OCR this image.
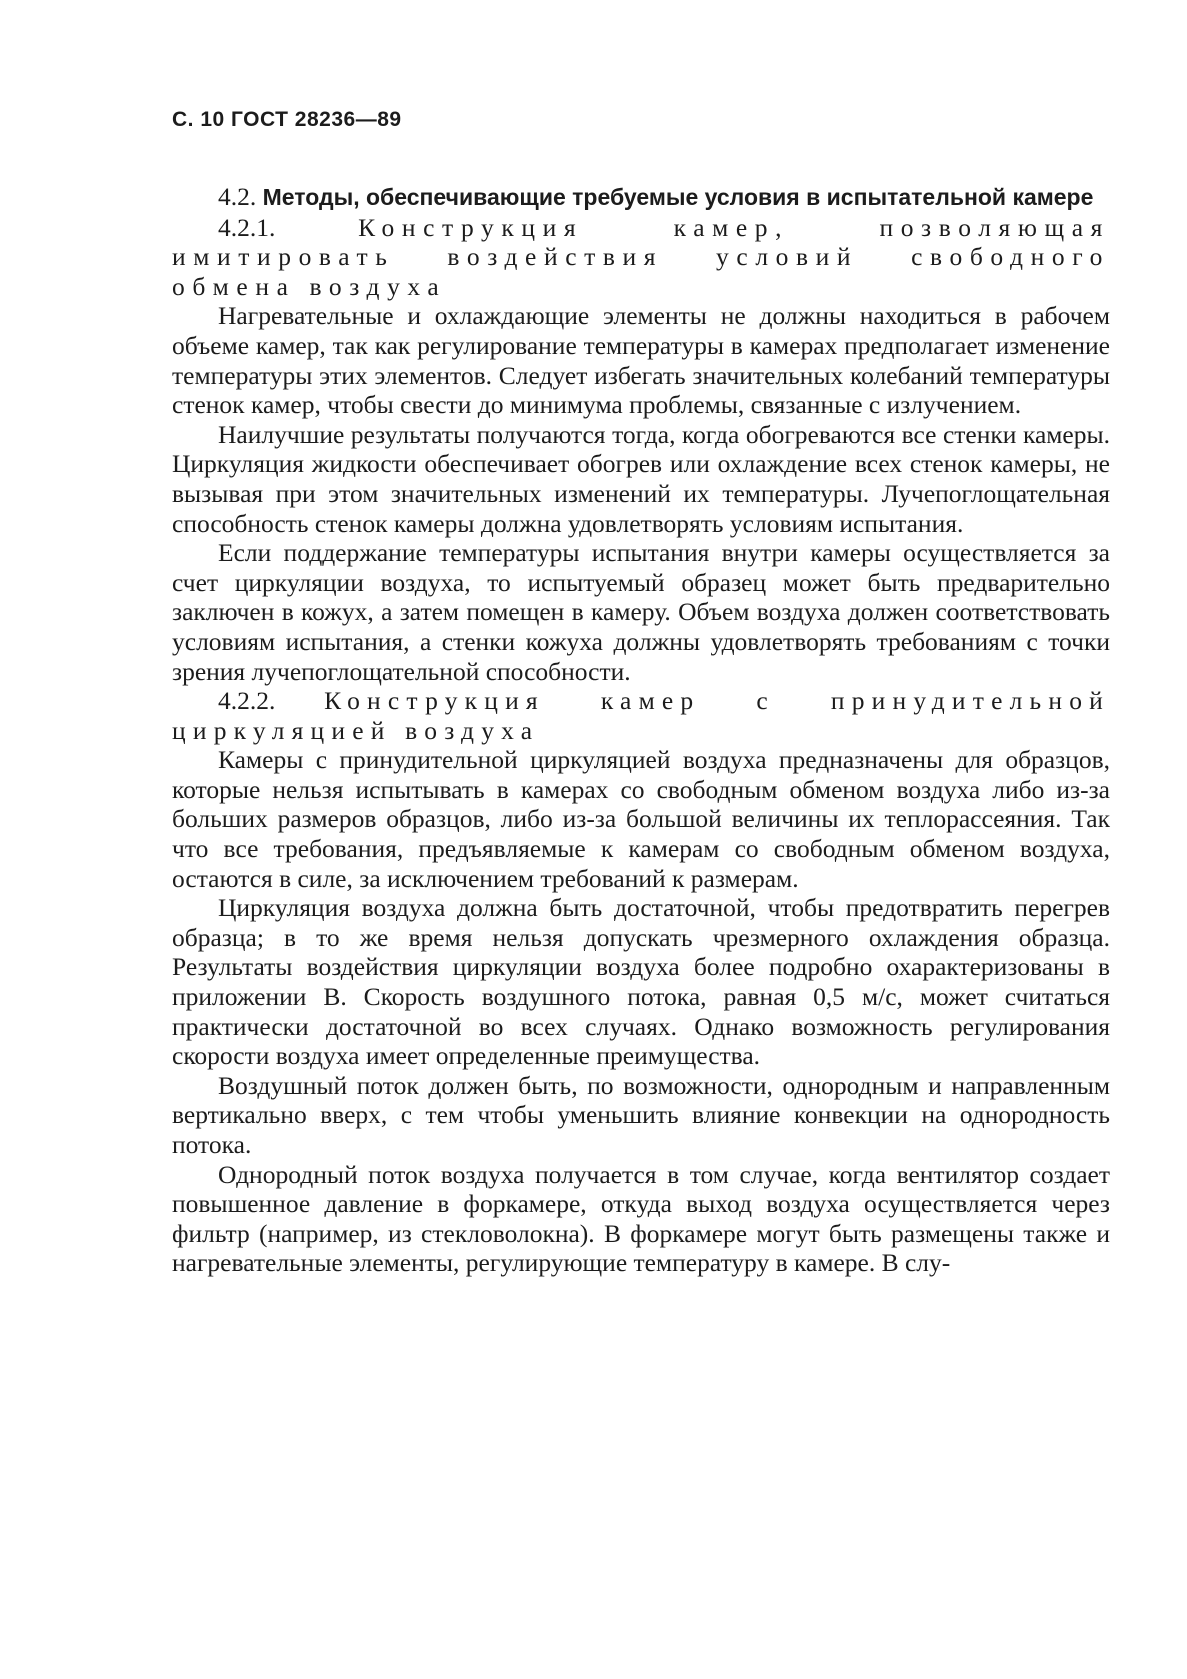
С. 10 ГОСТ 28236—89

4.2. Методы, обеспечивающие требуемые условия в испытательной камере

4.2.1.	Конструкция камер, позволяющая имитировать воздействия условий свободного обмена воздуха

Нагревательные и охлаждающие элементы не должны находиться в рабочем объеме камер, так как регулирование температуры в камерах предполагает изменение температуры этих элементов. Следует избегать значительных колебаний температуры стенок камер, чтобы свести до минимума проблемы, связанные с излучением.

Наилучшие результаты получаются тогда, когда обогреваются все стенки камеры. Циркуляция жидкости обеспечивает обогрев или охлаждение всех стенок камеры, не вызывая при этом значительных изменений их температуры. Лучепоглощательная способность стенок камеры должна удовлетворять условиям испытания.

Если поддержание температуры испытания внутри камеры осуществляется за счет циркуляции воздуха, то испытуемый образец может быть предварительно заключен в кожух, а затем помещен в камеру. Объем воздуха должен соответствовать условиям испытания, а стенки кожуха должны удовлетворять требованиям с точки зрения лучепоглощательной способности.

4.2.2. Конструкция камер с принудительной циркуляцией воздуха

Камеры с принудительной циркуляцией воздуха предназначены для образцов, которые нельзя испытывать в камерах со свободным обменом воздуха либо из-за больших размеров образцов, либо из-за большой величины их теплорассеяния. Так что все требования, предъявляемые к камерам со свободным обменом воздуха, остаются в силе, за исключением требований к размерам.

Циркуляция воздуха должна быть достаточной, чтобы предотвратить перегрев образца; в то же время нельзя допускать чрезмерного охлаждения образца. Результаты воздействия циркуляции воздуха более подробно охарактеризованы в приложении В. Скорость воздушного потока, равная 0,5 м/с, может считаться практически достаточной во всех случаях. Однако возможность регулирования скорости воздуха имеет определенные преимущества.

Воздушный поток должен быть, по возможности, однородным и направленным вертикально вверх, с тем чтобы уменьшить влияние конвекции на однородность потока.

Однородный поток воздуха получается в том случае, когда вентилятор создает повышенное давление в форкамере, откуда выход воздуха осуществляется через фильтр (например, из стекловолокна). В форкамере могут быть размещены также и нагревательные элементы, регулирующие температуру в камере. В слу-
